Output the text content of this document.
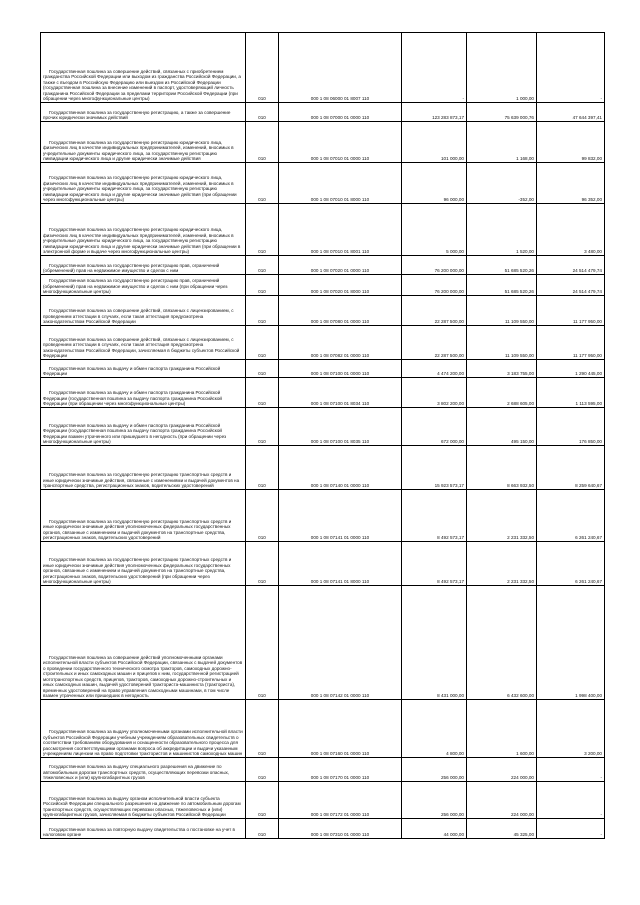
Государственная пошлина за совершение действий, связанных с приобретением гражданства Российской Федерации или выходом из гражданства Российской Федерации, а также с въездом в Российскую Федерацию или выездом из Российской Федерации (государственная пошлина за внесение изменений в паспорт, удостоверяющий личность гражданина Российской Федерации за пределами территории Российской Федерации (при обращении через многофункциональные центры)	010	000 1 08 06000 01 8007 110	-	1 000,00	-

Государственная пошлина за государственную регистрацию, а также за совершение прочих юридически значимых действий	010	000 1 08 07000 01 0000 110	123 283 873,17	75 639 000,76	47 644 397,41

Государственная пошлина за государственную регистрацию юридического лица, физических лиц в качестве индивидуальных предпринимателей, изменений, вносимых в учредительные документы юридического лица, за государственную регистрацию ликвидации юридического лица и другие юридически значимые действия	010	000 1 08 07010 01 0000 110	101 000,00	1 168,00	99 832,00

Государственная пошлина за государственную регистрацию юридического лица, физических лиц в качестве индивидуальных предпринимателей, изменений, вносимых в учредительные документы юридического лица, за государственную регистрацию ликвидации юридического лица и другие юридически значимые действия (при обращении через многофункциональные центры)	010	000 1 08 07010 01 8000 110	96 000,00	-352,00	96 352,00

Государственная пошлина за государственную регистрацию юридического лица, физических лиц в качестве индивидуальных предпринимателей, изменений, вносимых в учредительные документы юридического лица, за государственную регистрацию ликвидации юридического лица и другие юридически значимые действия (при обращении в электронной форме и выдаче через многофункциональные центры)	010	000 1 08 07010 01 8001 110	5 000,00	1 520,00	3 480,00

Государственная пошлина за государственную регистрацию прав, ограничений (обременений) прав на недвижимое имущество и сделок с ним	010	000 1 08 07020 01 0000 110	76 200 000,00	51 685 520,26	24 514 479,74

Государственная пошлина за государственную регистрацию прав, ограничений (обременений) прав на недвижимое имущество и сделок с ним (при обращении через многофункциональные центры)	010	000 1 08 07020 01 8000 110	76 200 000,00	51 685 520,26	24 514 479,74

Государственная пошлина за совершение действий, связанных с лицензированием, с проведением аттестации в случаях, если такая аттестация предусмотрена законодательством Российской Федерации	010	000 1 08 07080 01 0000 110	22 287 500,00	11 109 550,00	11 177 950,00

Государственная пошлина за совершение действий, связанных с лицензированием, с проведением аттестации в случаях, если такая аттестация предусмотрена законодательством Российской Федерации, зачисляемая в бюджеты субъектов Российской Федерации	010	000 1 08 07082 01 0000 110	22 287 500,00	11 109 550,00	11 177 950,00

Государственная пошлина за выдачу и обмен паспорта гражданина Российской Федерации	010	000 1 08 07100 01 0000 110	4 474 200,00	3 183 755,00	1 290 445,00

Государственная пошлина за выдачу и обмен паспорта гражданина Российской Федерации (государственная пошлина за выдачу паспорта гражданина Российской Федерации (при обращении через многофункциональные центры)	010	000 1 08 07100 01 8034 110	3 802 200,00	2 688 605,00	1 113 595,00

Государственная пошлина за выдачу и обмен паспорта гражданина Российской Федерации (государственная пошлина за выдачу паспорта гражданина Российской Федерации взамен утраченного или пришедшего в негодность (при обращении через многофункциональные центры)	010	000 1 08 07100 01 8035 110	672 000,00	495 150,00	176 850,00

Государственная пошлина за государственную регистрацию транспортных средств и иные юридически значимые действия, связанные с изменениями и выдачей документов на транспортные средства, регистрационных знаков, водительских удостоверений	010	000 1 08 07140 01 0000 110	15 923 573,17	8 663 932,50	8 259 640,67

Государственная пошлина за государственную регистрацию транспортных средств и иные юридически значимые действия уполномоченных федеральных государственных органов, связанные с изменением и выдачей документов на транспортные средства, регистрационных знаков, водительских удостоверений	010	000 1 08 07141 01 0000 110	8 492 573,17	2 231 332,50	6 261 240,67

Государственная пошлина за государственную регистрацию транспортных средств и иные юридически значимые действия уполномоченных федеральных государственных органов, связанные с изменением и выдачей документов на транспортные средства, регистрационных знаков, водительских удостоверений (при обращении через многофункциональные центры)	010	000 1 08 07141 01 8000 110	8 492 573,17	2 231 332,50	6 261 240,67

Государственная пошлина за совершение действий уполномоченными органами исполнительной власти субъектов Российской Федерации, связанных с выдачей документов о проведении государственного технического осмотра тракторов, самоходных дорожно-строительных и иных самоходных машин и прицепов к ним, государственной регистрацией мототранспортных средств, прицепов, тракторов, самоходных дорожно-строительных и иных самоходных машин, выдачей удостоверений тракториста-машиниста (тракториста), временных удостоверений на право управления самоходными машинами, в том числе взамен утраченных или пришедших в негодность	010	000 1 08 07142 01 0000 110	8 431 000,00	6 432 600,00	1 998 400,00

Государственная пошлина за выдачу уполномоченными органами исполнительной власти субъектов Российской Федерации учебным учреждениям образовательных свидетельств о соответствии требованиям оборудования и оснащенности образовательного процесса для рассмотрения соответствующими органами вопроса об аккредитации и выдачи указанным учреждениям лицензии на право подготовки трактористов и машинистов самоходных машин	010	000 1 08 07160 01 0000 110	4 800,00	1 600,00	3 200,00

Государственная пошлина за выдачу специального разрешения на движение по автомобильным дорогам транспортных средств, осуществляющих перевозки опасных, тяжеловесных и (или) крупногабаритных грузов	010	000 1 08 07170 01 0000 110	256 000,00	224 000,00	-

Государственная пошлина за выдачу органом исполнительной власти субъекта Российской Федерации специального разрешения на движение по автомобильным дорогам транспортных средств, осуществляющих перевозки опасных, тяжеловесных и (или) крупногабаритных грузов, зачисляемая в бюджеты субъектов Российской Федерации	010	000 1 08 07172 01 0000 110	256 000,00	224 000,00	-

Государственная пошлина за повторную выдачу свидетельства о постановке на учет в налоговом органе	010	000 1 08 07310 01 0000 110	44 000,00	45 325,00	-
